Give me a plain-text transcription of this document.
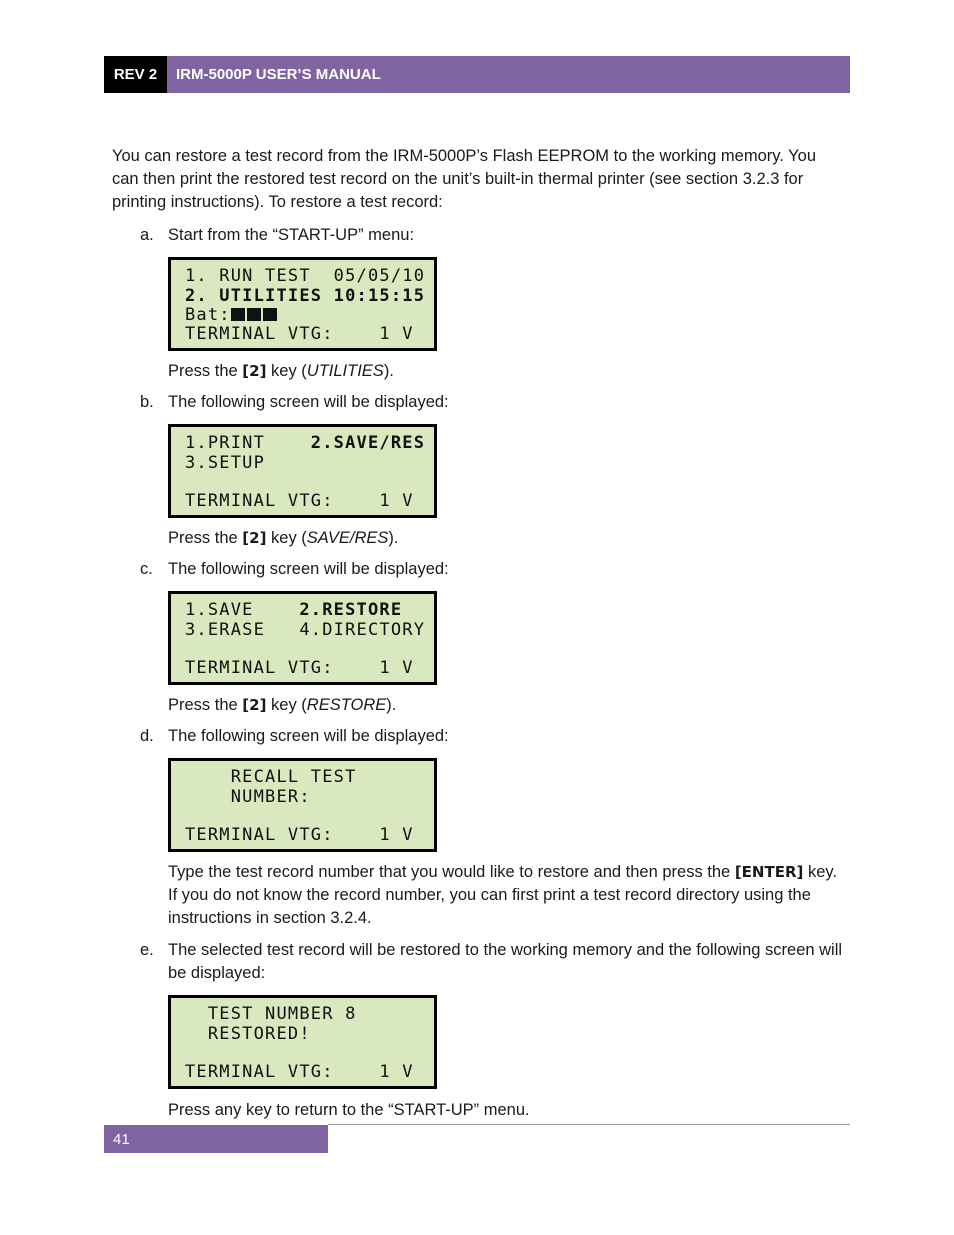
REV 2	IRM-5000P USER’S MANUAL

You can restore a test record from the IRM-5000P’s Flash EEPROM to the working memory. You can then print the restored test record on the unit’s built-in thermal printer (see section 3.2.3 for printing instructions). To restore a test record:

a. Start from the “START-UP” menu:
1. RUN TEST  05/05/10
2. UTILITIES 10:15:15
Bat:
TERMINAL VTG:    1 V
Press the [2] key (UTILITIES).
b. The following screen will be displayed:
1.PRINT    2.SAVE/RES
3.SETUP
TERMINAL VTG:    1 V
Press the [2] key (SAVE/RES).
c. The following screen will be displayed:
1.SAVE    2.RESTORE
3.ERASE   4.DIRECTORY
TERMINAL VTG:    1 V
Press the [2] key (RESTORE).
d. The following screen will be displayed:
RECALL TEST
NUMBER:
TERMINAL VTG:    1 V
Type the test record number that you would like to restore and then press the [ENTER] key. If you do not know the record number, you can first print a test record directory using the instructions in section 3.2.4.
e. The selected test record will be restored to the working memory and the following screen will be displayed:
TEST NUMBER 8
RESTORED!
TERMINAL VTG:    1 V
Press any key to return to the “START-UP” menu.
41
